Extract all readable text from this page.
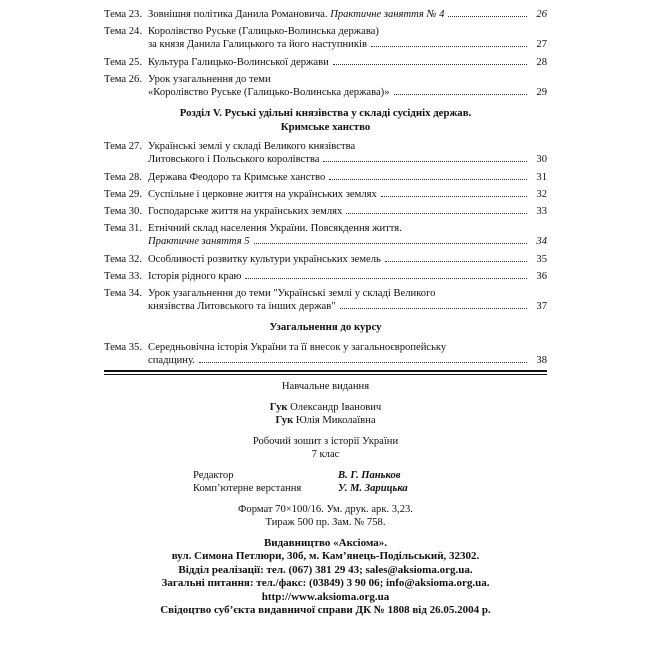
Тема 23. Зовнішня політика Данила Романовича. Практичне заняття № 4	26
Тема 24. Королівство Руське (Галицько-Волинська держава)
за князя Данила Галицького та його наступників	27
Тема 25. Культура Галицько-Волинської держави	28
Тема 26. Урок узагальнення до теми
«Королівство Руське (Галицько-Волинська держава)»	29
Розділ V. Руські удільні князівства у складі сусідніх держав.
Кримське ханство
Тема 27. Українські землі у складі Великого князівства
Литовського і Польського королівства	30
Тема 28. Держава Феодоро та Кримське ханство	31
Тема 29. Суспільне і церковне життя на українських землях	32
Тема 30. Господарське життя на українських землях	33
Тема 31. Етнічний склад населення України. Повсякдення життя.
Практичне заняття 5	34
Тема 32. Особливості розвитку культури українських земель	35
Тема 33. Історія рідного краю	36
Тема 34. Урок узагальнення до теми "Українські землі у складі Великого
князівства Литовського та інших держав"	37
Узагальнення до курсу
Тема 35. Середньовічна історія України та її внесок у загальноєвропейську
спадщину.	38
Навчальне видання
Гук Олександр Іванович
Гук Юлія Миколаївна
Робочий зошит з історії України
7 клас
Редактор	В. Г. Паньков
Комп’ютерне верстання	У. М. Зарицька
Формат 70×100/16. Ум. друк. арк. 3,23.
Тираж 500 пр. Зам. № 758.
Видавництво «Аксіома».
вул. Симона Петлюри, 30б, м. Кам’янець-Подільський, 32302.
Відділ реалізації: тел. (067) 381 29 43; sales@aksioma.org.ua.
Загальні питання: тел./факс: (03849) 3 90 06; info@aksioma.org.ua.
http://www.aksioma.org.ua
Свідоцтво суб’єкта видавничої справи ДК № 1808 від 26.05.2004 р.
